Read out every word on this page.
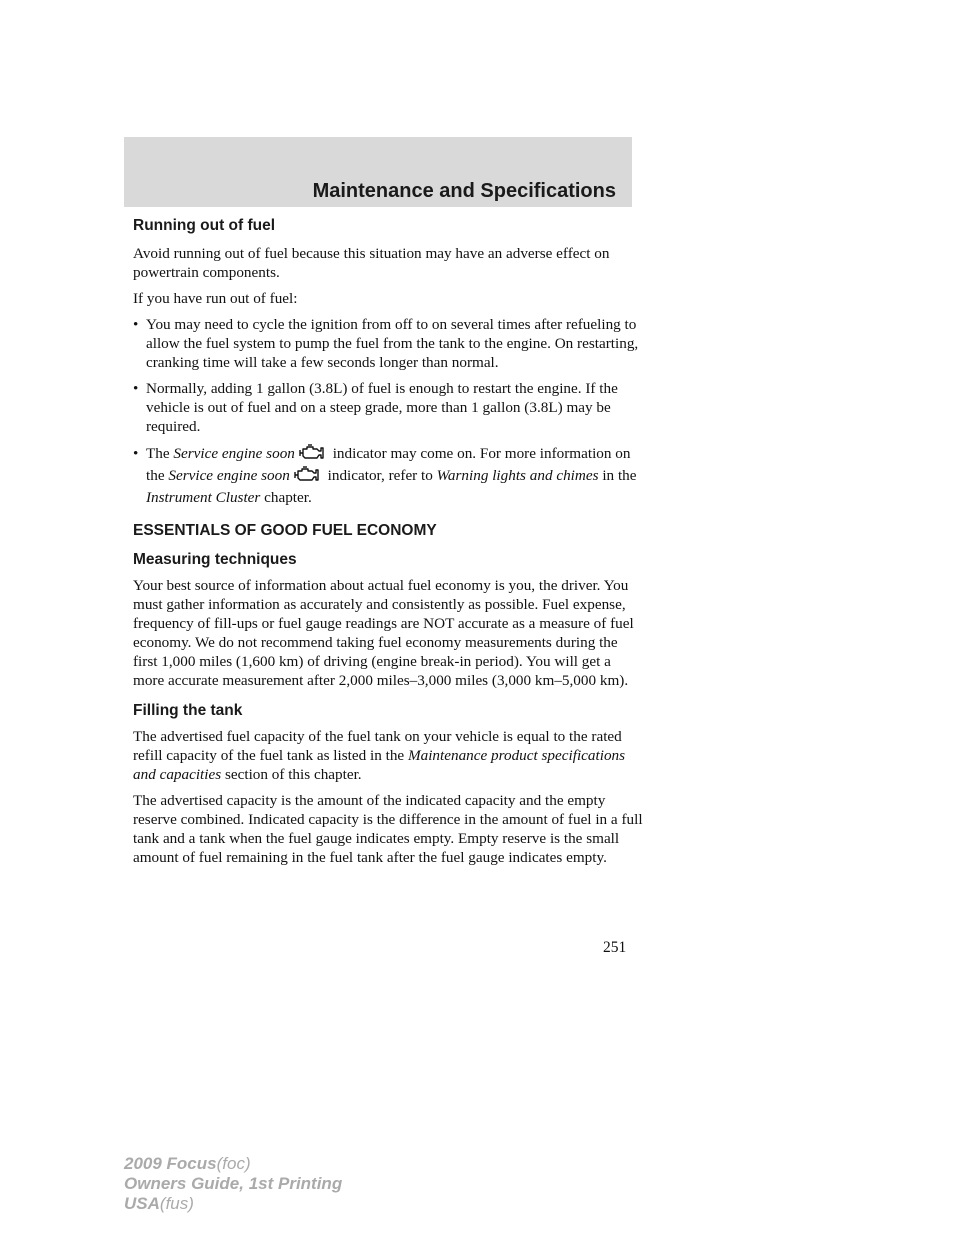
Maintenance and Specifications
Running out of fuel

Avoid running out of fuel because this situation may have an adverse effect on powertrain components.

If you have run out of fuel:

• You may need to cycle the ignition from off to on several times after refueling to allow the fuel system to pump the fuel from the tank to the engine. On restarting, cranking time will take a few seconds longer than normal.
• Normally, adding 1 gallon (3.8L) of fuel is enough to restart the engine. If the vehicle is out of fuel and on a steep grade, more than 1 gallon (3.8L) may be required.
• The Service engine soon indicator may come on. For more information on the Service engine soon indicator, refer to Warning lights and chimes in the Instrument Cluster chapter.
ESSENTIALS OF GOOD FUEL ECONOMY
Measuring techniques

Your best source of information about actual fuel economy is you, the driver. You must gather information as accurately and consistently as possible. Fuel expense, frequency of fill-ups or fuel gauge readings are NOT accurate as a measure of fuel economy. We do not recommend taking fuel economy measurements during the first 1,000 miles (1,600 km) of driving (engine break-in period). You will get a more accurate measurement after 2,000 miles–3,000 miles (3,000 km–5,000 km).

Filling the tank

The advertised fuel capacity of the fuel tank on your vehicle is equal to the rated refill capacity of the fuel tank as listed in the Maintenance product specifications and capacities section of this chapter.

The advertised capacity is the amount of the indicated capacity and the empty reserve combined. Indicated capacity is the difference in the amount of fuel in a full tank and a tank when the fuel gauge indicates empty. Empty reserve is the small amount of fuel remaining in the fuel tank after the fuel gauge indicates empty.

251
2009 Focus(foc)
Owners Guide, 1st Printing
USA(fus)
